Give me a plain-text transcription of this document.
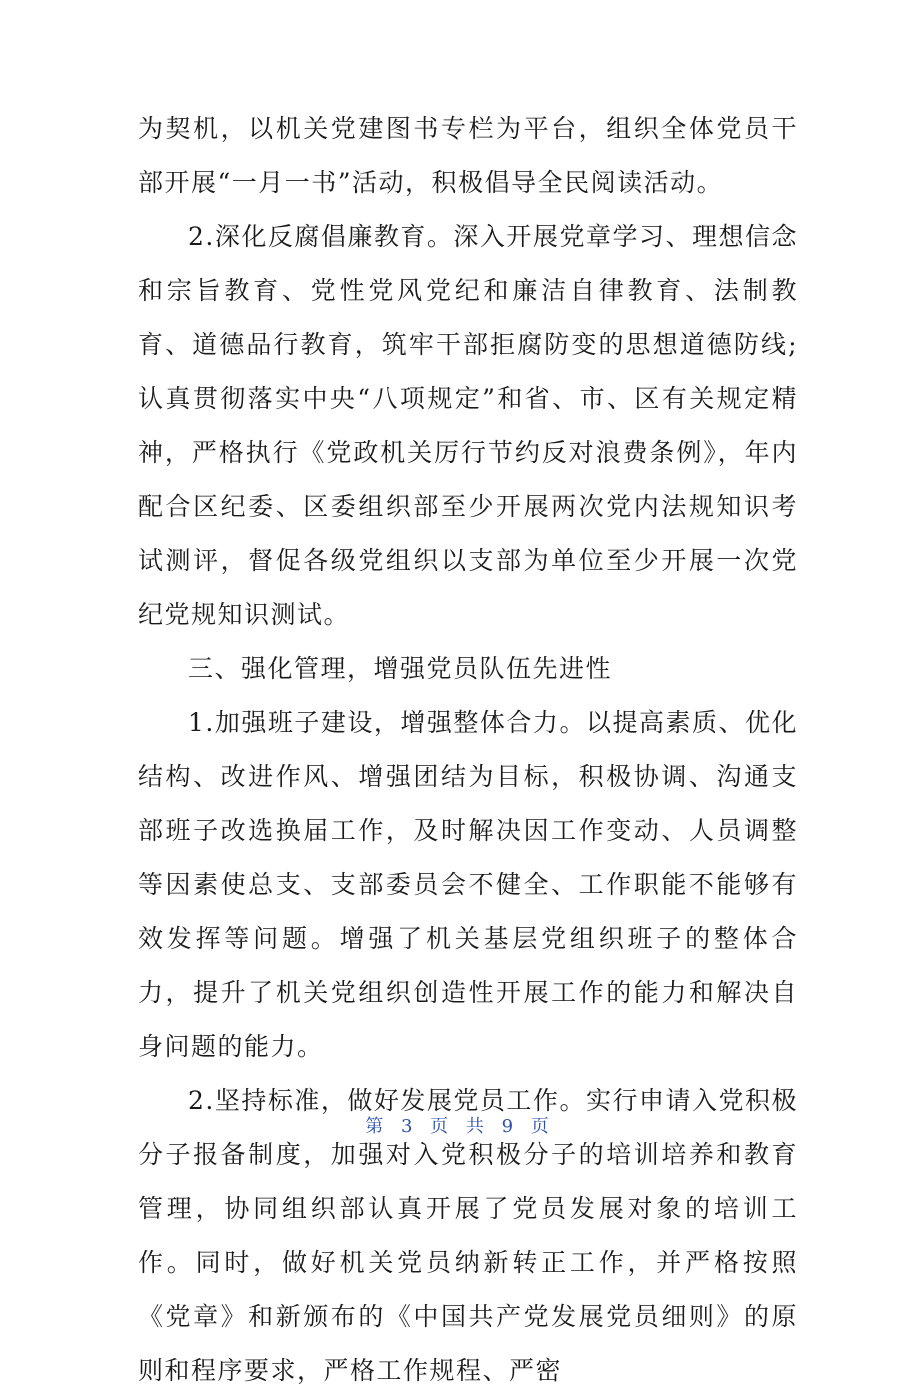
为契机，以机关党建图书专栏为平台，组织全体党员干部开展“一月一书”活动，积极倡导全民阅读活动。

2.深化反腐倡廉教育。深入开展党章学习、理想信念和宗旨教育、党性党风党纪和廉洁自律教育、法制教育、道德品行教育，筑牢干部拒腐防变的思想道德防线;认真贯彻落实中央“八项规定”和省、市、区有关规定精神，严格执行《党政机关厉行节约反对浪费条例》，年内配合区纪委、区委组织部至少开展两次党内法规知识考试测评，督促各级党组织以支部为单位至少开展一次党纪党规知识测试。

三、强化管理，增强党员队伍先进性

1.加强班子建设，增强整体合力。以提高素质、优化结构、改进作风、增强团结为目标，积极协调、沟通支部班子改选换届工作，及时解决因工作变动、人员调整等因素使总支、支部委员会不健全、工作职能不能够有效发挥等问题。增强了机关基层党组织班子的整体合力，提升了机关党组织创造性开展工作的能力和解决自身问题的能力。

2.坚持标准，做好发展党员工作。实行申请入党积极分子报备制度，加强对入党积极分子的培训培养和教育管理，协同组织部认真开展了党员发展对象的培训工作。同时，做好机关党员纳新转正工作，并严格按照《党章》和新颁布的《中国共产党发展党员细则》的原则和程序要求，严格工作规程、严密

第 3 页 共 9 页
